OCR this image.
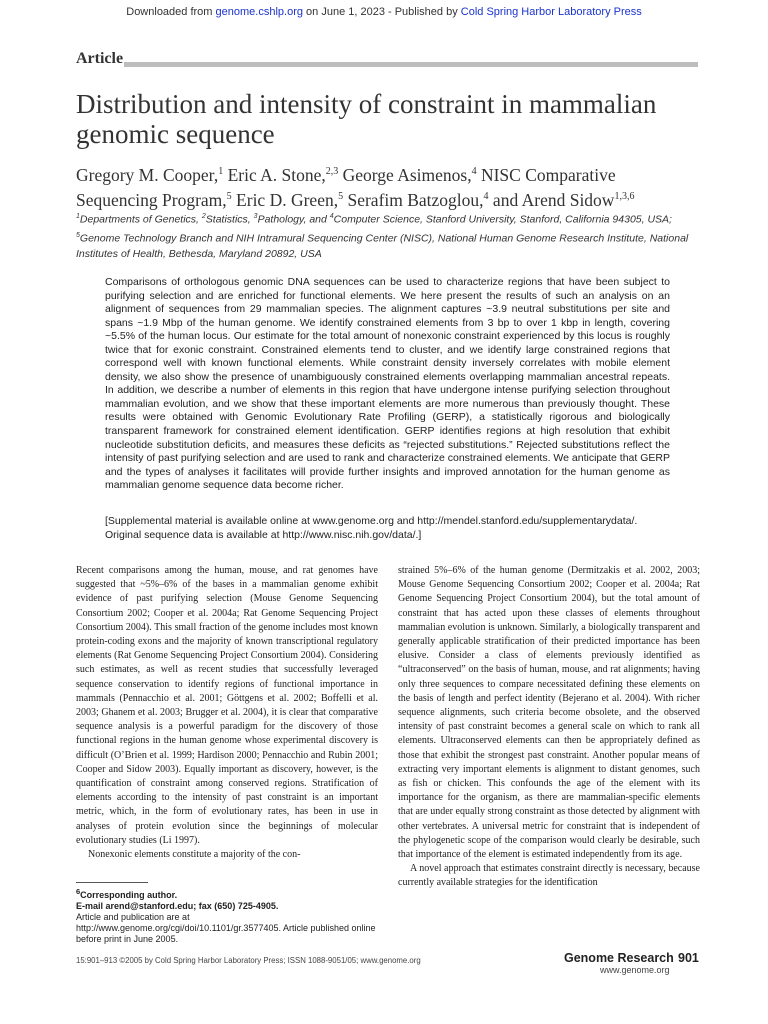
Downloaded from genome.cshlp.org on June 1, 2023 - Published by Cold Spring Harbor Laboratory Press
Article
Distribution and intensity of constraint in mammalian genomic sequence
Gregory M. Cooper,$^1$ Eric A. Stone,$^{2,3}$ George Asimenos,$^4$ NISC Comparative Sequencing Program,$^5$ Eric D. Green,$^5$ Serafim Batzoglou,$^4$ and Arend Sidow$^{1,3,6}$
$^1$Departments of Genetics, $^2$Statistics, $^3$Pathology, and $^4$Computer Science, Stanford University, Stanford, California 94305, USA; $^5$Genome Technology Branch and NIH Intramural Sequencing Center (NISC), National Human Genome Research Institute, National Institutes of Health, Bethesda, Maryland 20892, USA
Comparisons of orthologous genomic DNA sequences can be used to characterize regions that have been subject to purifying selection and are enriched for functional elements. We here present the results of such an analysis on an alignment of sequences from 29 mammalian species. The alignment captures ~3.9 neutral substitutions per site and spans ~1.9 Mbp of the human genome. We identify constrained elements from 3 bp to over 1 kbp in length, covering ~5.5% of the human locus. Our estimate for the total amount of nonexonic constraint experienced by this locus is roughly twice that for exonic constraint. Constrained elements tend to cluster, and we identify large constrained regions that correspond well with known functional elements. While constraint density inversely correlates with mobile element density, we also show the presence of unambiguously constrained elements overlapping mammalian ancestral repeats. In addition, we describe a number of elements in this region that have undergone intense purifying selection throughout mammalian evolution, and we show that these important elements are more numerous than previously thought. These results were obtained with Genomic Evolutionary Rate Profiling (GERP), a statistically rigorous and biologically transparent framework for constrained element identification. GERP identifies regions at high resolution that exhibit nucleotide substitution deficits, and measures these deficits as “rejected substitutions.” Rejected substitutions reflect the intensity of past purifying selection and are used to rank and characterize constrained elements. We anticipate that GERP and the types of analyses it facilitates will provide further insights and improved annotation for the human genome as mammalian genome sequence data become richer.
[Supplemental material is available online at www.genome.org and http://mendel.stanford.edu/supplementarydata/. Original sequence data is available at http://www.nisc.nih.gov/data/.]

Recent comparisons among the human, mouse, and rat genomes have suggested that ~5%–6% of the bases in a mammalian genome exhibit evidence of past purifying selection (Mouse Genome Sequencing Consortium 2002; Cooper et al. 2004a; Rat Genome Sequencing Project Consortium 2004). This small fraction of the genome includes most known protein-coding exons and the majority of known transcriptional regulatory elements (Rat Genome Sequencing Project Consortium 2004). Considering such estimates, as well as recent studies that successfully leveraged sequence conservation to identify regions of functional importance in mammals (Pennacchio et al. 2001; Göttgens et al. 2002; Boffelli et al. 2003; Ghanem et al. 2003; Brugger et al. 2004), it is clear that comparative sequence analysis is a powerful paradigm for the discovery of those functional regions in the human genome whose experimental discovery is difficult (O’Brien et al. 1999; Hardison 2000; Pennacchio and Rubin 2001; Cooper and Sidow 2003). Equally important as discovery, however, is the quantification of constraint among conserved regions. Stratification of elements according to the intensity of past constraint is an important metric, which, in the form of evolutionary rates, has been in use in analyses of protein evolution since the beginnings of molecular evolutionary studies (Li 1997).

Nonexonic elements constitute a majority of the con-

strained 5%–6% of the human genome (Dermitzakis et al. 2002, 2003; Mouse Genome Sequencing Consortium 2002; Cooper et al. 2004a; Rat Genome Sequencing Project Consortium 2004), but the total amount of constraint that has acted upon these classes of elements throughout mammalian evolution is unknown. Similarly, a biologically transparent and generally applicable stratification of their predicted importance has been elusive. Consider a class of elements previously identified as “ultraconserved” on the basis of human, mouse, and rat alignments; having only three sequences to compare necessitated defining these elements on the basis of length and perfect identity (Bejerano et al. 2004). With richer sequence alignments, such criteria become obsolete, and the observed intensity of past constraint becomes a general scale on which to rank all elements. Ultraconserved elements can then be appropriately defined as those that exhibit the strongest past constraint. Another popular means of extracting very important elements is alignment to distant genomes, such as fish or chicken. This confounds the age of the element with its importance for the organism, as there are mammalian-specific elements that are under equally strong constraint as those detected by alignment with other vertebrates. A universal metric for constraint that is independent of the phylogenetic scope of the comparison would clearly be desirable, such that importance of the element is estimated independently from its age.

A novel approach that estimates constraint directly is necessary, because currently available strategies for the identification

$^6$Corresponding author.
E-mail arend@stanford.edu; fax (650) 725-4905.
Article and publication are at http://www.genome.org/cgi/doi/10.1101/gr.3577405. Article published online before print in June 2005.
15:901–913 ©2005 by Cold Spring Harbor Laboratory Press; ISSN 1088-9051/05; www.genome.org	Genome Research 901
www.genome.org
